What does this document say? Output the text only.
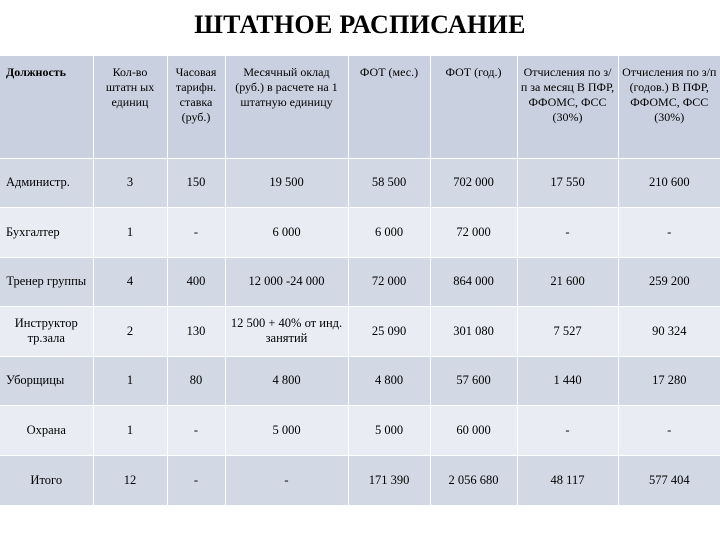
ШТАТНОЕ РАСПИСАНИЕ
Должность	Кол-во штатн ых единиц	Часовая тарифн. ставка (руб.)	Месячный оклад (руб.) в расчете на 1 штатную единицу	ФОТ (мес.)	ФОТ (год.)	Отчисления по з/п за месяц В ПФР, ФФОМС, ФСС (30%)	Отчисления по з/п (годов.) В ПФР, ФФОМС, ФСС (30%)
Администр.	3	150	19 500	58 500	702 000	17 550	210 600
Бухгалтер	1	-	6 000	6 000	72 000	-	-
Тренер группы	4	400	12 000 -24 000	72 000	864 000	21 600	259 200
Инструктор тр.зала	2	130	12 500 + 40% от инд. занятий	25 090	301 080	7 527	90 324
Уборщицы	1	80	4 800	4 800	57 600	1 440	17 280
Охрана	1	-	5 000	5 000	60 000	-	-
Итого	12	-	-	171 390	2 056 680	48 117	577 404
